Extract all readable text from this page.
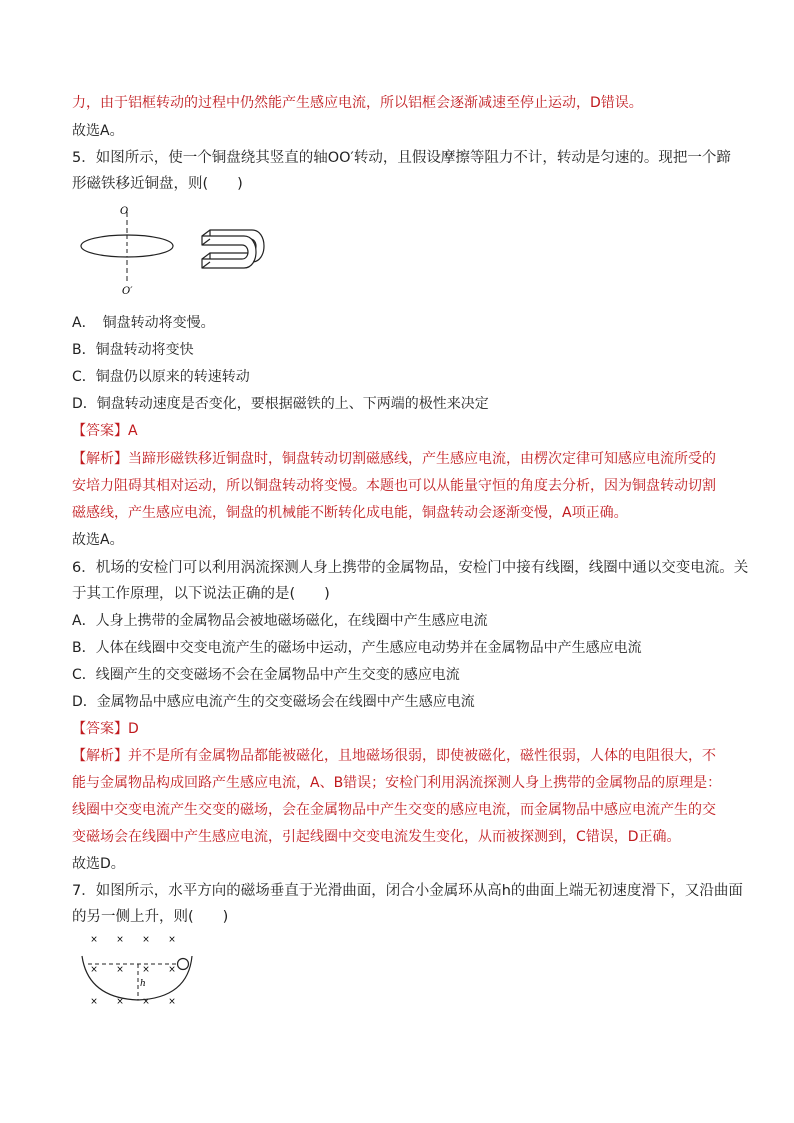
力，由于铝框转动的过程中仍然能产生感应电流，所以铝框会逐渐减速至停止运动，D错误。
故选A。
5．如图所示，使一个铜盘绕其竖直的轴OO′转动，且假设摩擦等阻力不计，转动是匀速的。现把一个蹄
形磁铁移近铜盘，则(　　)
O
O′
A．　铜盘转动将变慢。
B．铜盘转动将变快
C．铜盘仍以原来的转速转动
D．铜盘转动速度是否变化，要根据磁铁的上、下两端的极性来决定
【答案】A
【解析】当蹄形磁铁移近铜盘时，铜盘转动切割磁感线，产生感应电流，由楞次定律可知感应电流所受的
安培力阻碍其相对运动，所以铜盘转动将变慢。本题也可以从能量守恒的角度去分析，因为铜盘转动切割
磁感线，产生感应电流，铜盘的机械能不断转化成电能，铜盘转动会逐渐变慢，A项正确。
故选A。
6．机场的安检门可以利用涡流探测人身上携带的金属物品，安检门中接有线圈，线圈中通以交变电流。关
于其工作原理，以下说法正确的是(　　)
A．人身上携带的金属物品会被地磁场磁化，在线圈中产生感应电流
B．人体在线圈中交变电流产生的磁场中运动，产生感应电动势并在金属物品中产生感应电流
C．线圈产生的交变磁场不会在金属物品中产生交变的感应电流
D．金属物品中感应电流产生的交变磁场会在线圈中产生感应电流
【答案】D
【解析】并不是所有金属物品都能被磁化，且地磁场很弱，即使被磁化，磁性很弱，人体的电阻很大，不
能与金属物品构成回路产生感应电流，A、B错误；安检门利用涡流探测人身上携带的金属物品的原理是：
线圈中交变电流产生交变的磁场，会在金属物品中产生交变的感应电流，而金属物品中感应电流产生的交
变磁场会在线圈中产生感应电流，引起线圈中交变电流发生变化，从而被探测到，C错误，D正确。
故选D。
7．如图所示，水平方向的磁场垂直于光滑曲面，闭合小金属环从高h的曲面上端无初速度滑下，又沿曲面
的另一侧上升，则(　　)
× × × ×
× × × ×
× × × ×
h
